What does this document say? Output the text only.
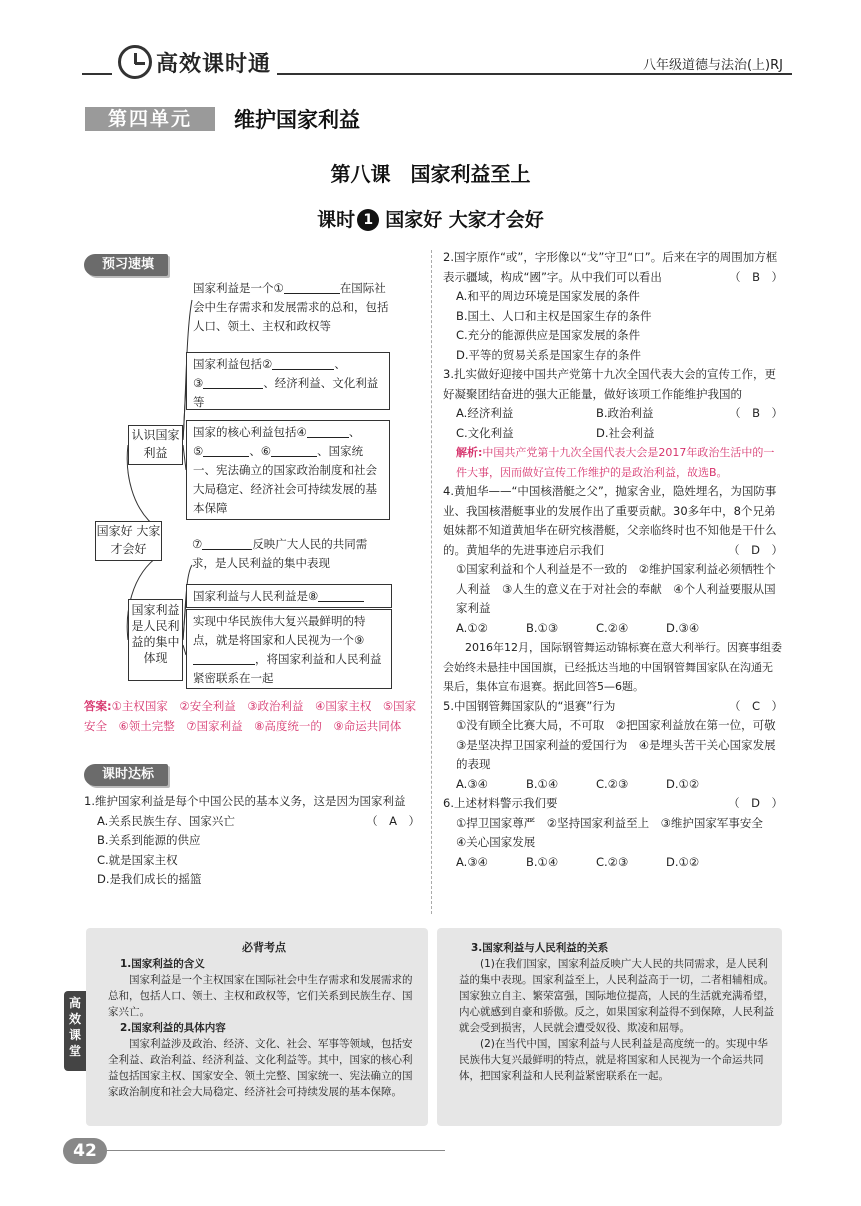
高效课时通	八年级道德与法治(上)RJ
第四单元	维护国家利益
第八课　国家利益至上
课时 1 国家好 大家才会好
预习速填
国家好 大家才会好
认识国家利益
国家利益是人民利益的集中体现
国家利益是一个①	在国际社会中生存需求和发展需求的总和，包括人口、领土、主权和政权等
国家利益包括②	、
③	、经济利益、文化利益等
国家的核心利益包括④	、
⑤	、⑥	、国家统一、宪法确立的国家政治制度和社会大局稳定、经济社会可持续发展的基本保障
⑦	反映广大人民的共同需求，是人民利益的集中表现
国家利益与人民利益是⑧
实现中华民族伟大复兴最鲜明的特点，就是将国家和人民视为一个⑨，将国家利益和人民利益紧密联系在一起
答案:①主权国家　②安全利益　③政治利益　④国家主权　⑤国家安全　⑥领土完整　⑦国家利益　⑧高度统一的　⑨命运共同体
课时达标
1.维护国家利益是每个中国公民的基本义务，这是因为国家利益
（　A　）
A.关系民族生存、国家兴亡
B.关系到能源的供应
C.就是国家主权
D.是我们成长的摇篮
2.国字原作“或”，字形像以“戈”守卫“口”。后来在字的周围加方框表示疆域，构成“國”字。从中我们可以看出	（　B　）
A.和平的周边环境是国家发展的条件
B.国土、人口和主权是国家生存的条件
C.充分的能源供应是国家发展的条件
D.平等的贸易关系是国家生存的条件
3.扎实做好迎接中国共产党第十九次全国代表大会的宣传工作，更好凝聚团结奋进的强大正能量，做好该项工作能维护我国的
（　B　）
A.经济利益	B.政治利益
C.文化利益	D.社会利益
解析:中国共产党第十九次全国代表大会是2017年政治生活中的一件大事，因而做好宣传工作维护的是政治利益，故选B。
4.黄旭华——“中国核潜艇之父”，抛家舍业，隐姓埋名，为国防事业、我国核潜艇事业的发展作出了重要贡献。30多年中，8个兄弟姐妹都不知道黄旭华在研究核潜艇，父亲临终时也不知他是干什么的。黄旭华的先进事迹启示我们	（　D　）
①国家利益和个人利益是不一致的　②维护国家利益必须牺牲个人利益　③人生的意义在于对社会的奉献　④个人利益要服从国家利益
A.①②	B.①③	C.②④	D.③④
2016年12月，国际钢管舞运动锦标赛在意大利举行。因赛事组委会始终未悬挂中国国旗，已经抵达当地的中国钢管舞国家队在沟通无果后，集体宣布退赛。据此回答5—6题。
5.中国钢管舞国家队的“退赛”行为	（　C　）
①没有顾全比赛大局，不可取　②把国家利益放在第一位，可敬　③是坚决捍卫国家利益的爱国行为　④是埋头苦干关心国家发展的表现
A.③④	B.①④	C.②③	D.①②
6.上述材料警示我们要	（　D　）
①捍卫国家尊严　②坚持国家利益至上　③维护国家军事安全　④关心国家发展
A.③④	B.①④	C.②③	D.①②
高效课堂
必背考点
1.国家利益的含义

国家利益是一个主权国家在国际社会中生存需求和发展需求的总和，包括人口、领土、主权和政权等，它们关系到民族生存、国家兴亡。

2.国家利益的具体内容

国家利益涉及政治、经济、文化、社会、军事等领域，包括安全利益、政治利益、经济利益、文化利益等。其中，国家的核心利益包括国家主权、国家安全、领土完整、国家统一、宪法确立的国家政治制度和社会大局稳定、经济社会可持续发展的基本保障。

3.国家利益与人民利益的关系

(1)在我们国家，国家利益反映广大人民的共同需求，是人民利益的集中表现。国家利益至上，人民利益高于一切，二者相辅相成。国家独立自主、繁荣富强，国际地位提高，人民的生活就充满希望，内心就感到自豪和骄傲。反之，如果国家利益得不到保障，人民利益就会受到损害，人民就会遭受奴役、欺凌和屈辱。

(2)在当代中国，国家利益与人民利益是高度统一的。实现中华民族伟大复兴最鲜明的特点，就是将国家和人民视为一个命运共同体，把国家利益和人民利益紧密联系在一起。

42
